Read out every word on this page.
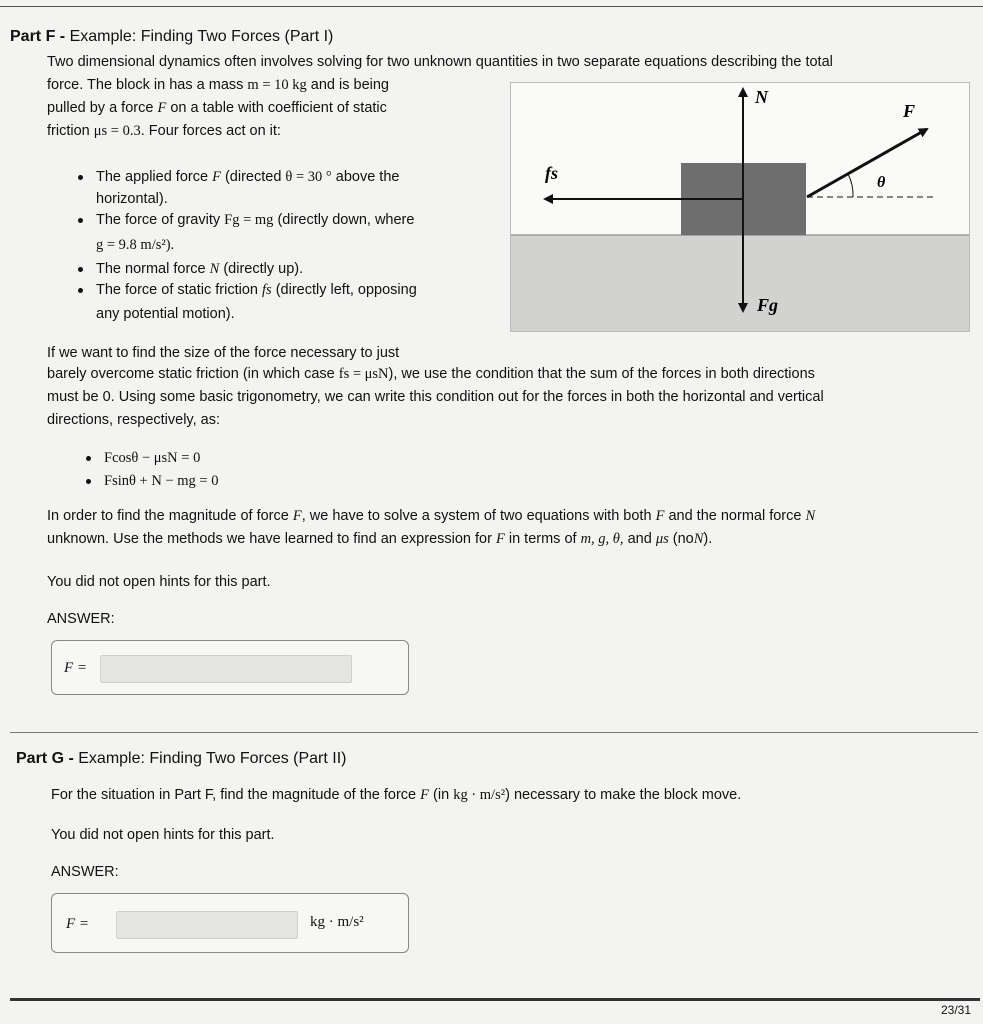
Part F - Example: Finding Two Forces (Part I)
Two dimensional dynamics often involves solving for two unknown quantities in two separate equations describing the total
force. The block in has a mass m = 10 kg and is being
pulled by a force F on a table with coefficient of static
friction μs = 0.3. Four forces act on it:
The applied force F (directed θ = 30 ° above the
horizontal).
The force of gravity Fg = mg (directly down, where
g = 9.8 m/s²).
The normal force N (directly up).
The force of static friction fs (directly left, opposing
any potential motion).
N
F
fs	θ
Fg
If we want to find the size of the force necessary to just
barely overcome static friction (in which case fs = μsN), we use the condition that the sum of the forces in both directions
must be 0. Using some basic trigonometry, we can write this condition out for the forces in both the horizontal and vertical
directions, respectively, as:
Fcosθ − μsN = 0
Fsinθ + N − mg = 0
In order to find the magnitude of force F, we have to solve a system of two equations with both F and the normal force N
unknown. Use the methods we have learned to find an expression for F in terms of m, g, θ, and μs (noN).
You did not open hints for this part.
ANSWER:
F =
Part G - Example: Finding Two Forces (Part II)
For the situation in Part F, find the magnitude of the force F (in kg · m/s²) necessary to make the block move.
You did not open hints for this part.
ANSWER:
F =	kg · m/s²
23/31
